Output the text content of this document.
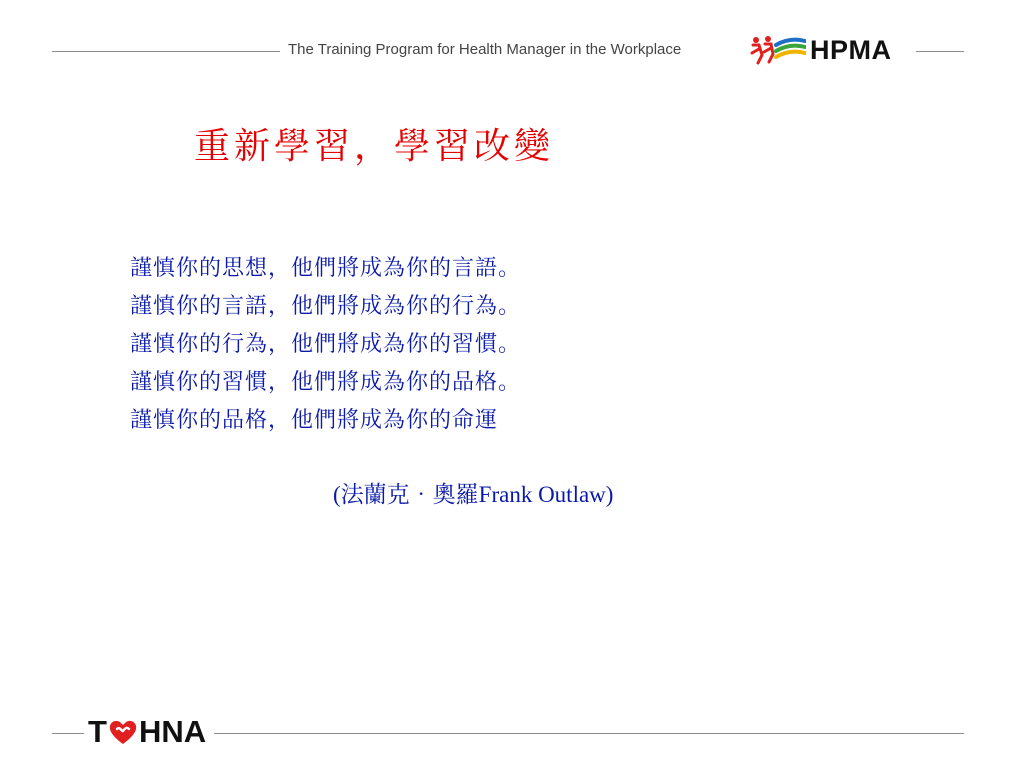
The Training Program for Health Manager in the Workplace	HPMA
重新學習，學習改變
謹慎你的思想，他們將成為你的言語。
謹慎你的言語，他們將成為你的行為。
謹慎你的行為，他們將成為你的習慣。
謹慎你的習慣，他們將成為你的品格。
謹慎你的品格，他們將成為你的命運
(法蘭克‧奧羅Frank Outlaw)
T HNA
